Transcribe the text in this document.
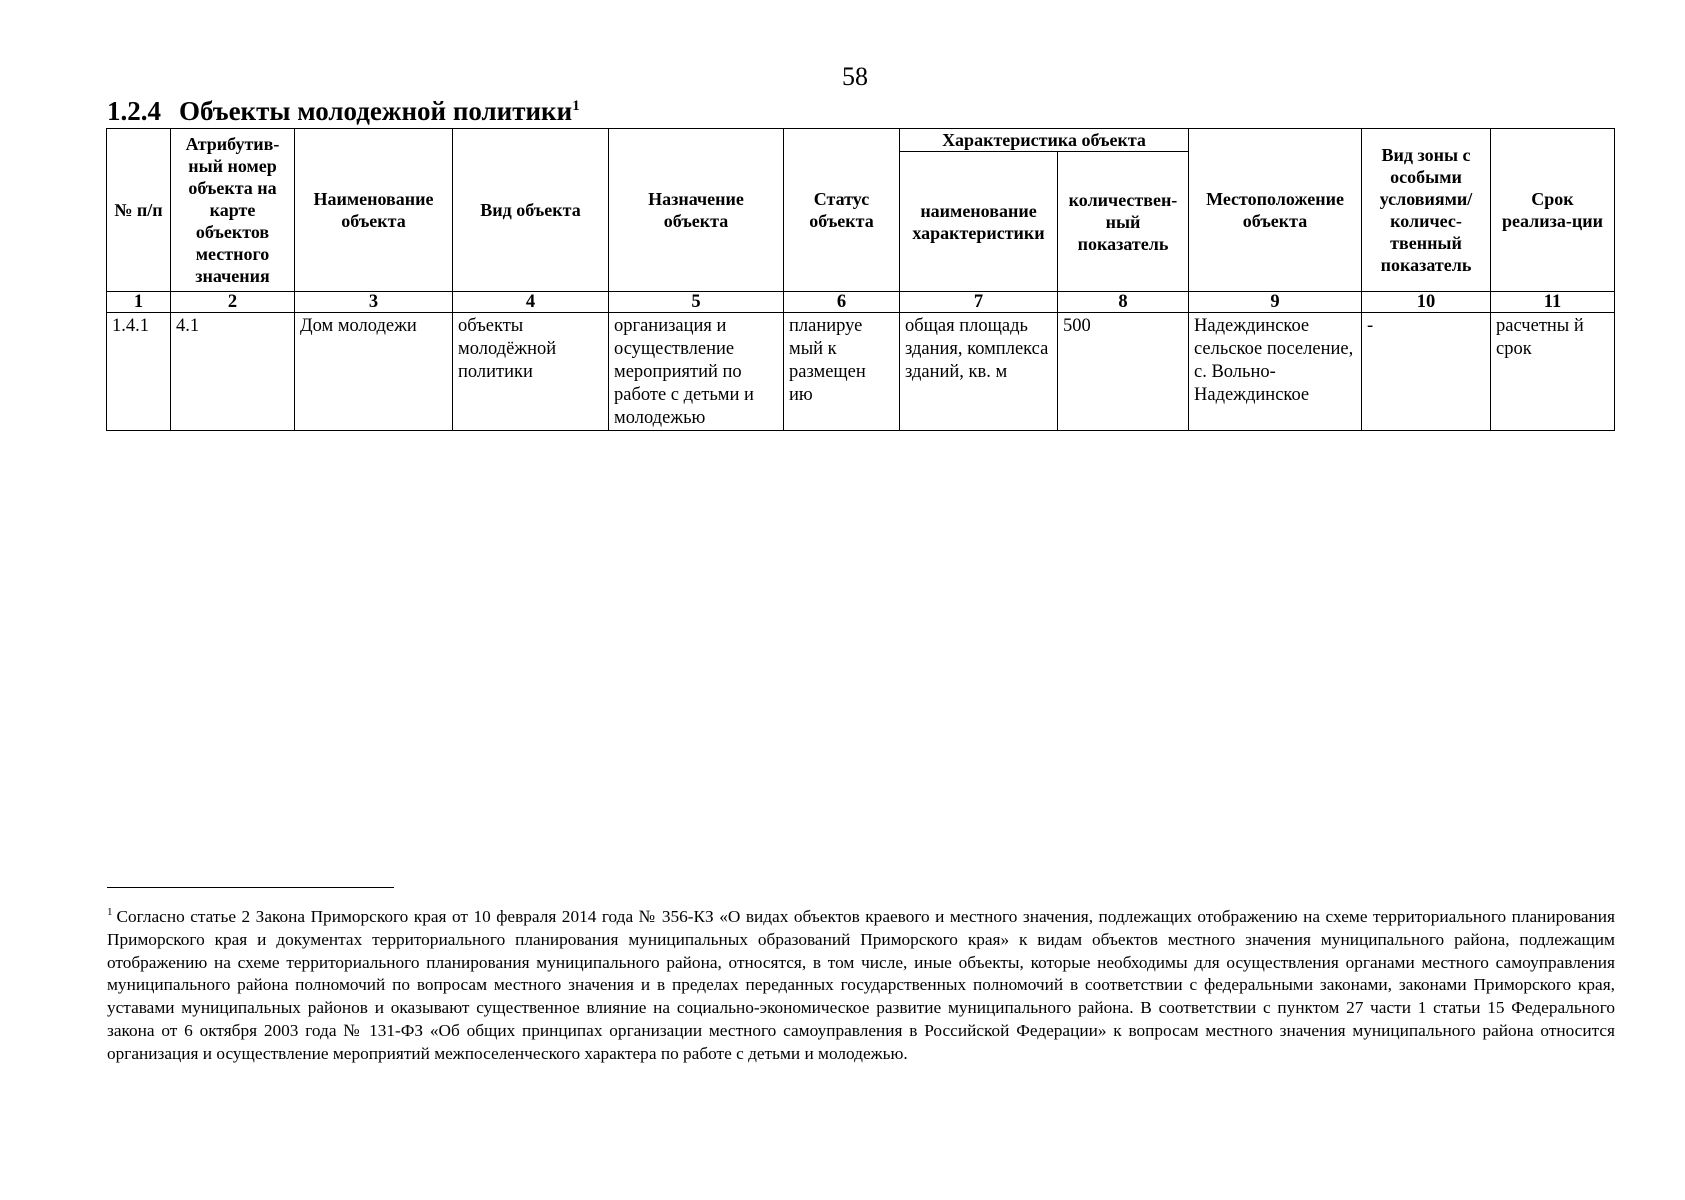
58
1.2.4 Объекты молодежной политики$^1$
№ п/п	Атрибутив-ный номер объекта на карте объектов местного значения	Наименование объекта	Вид объекта	Назначение объекта	Статус объекта	Характеристика объекта		Местоположение объекта	Вид зоны с особыми условиями/ количес-твенный показатель	Срок реализа-ции
						наименование характеристики	количествен-ный показатель			
1	2	3	4	5	6	7	8	9	10	11
1.4.1	4.1	Дом молодежи	объекты молодёжной политики	организация и осуществление мероприятий по работе с детьми и молодежью	планируе мый к размещен ию	общая площадь здания, комплекса зданий, кв. м	500	Надеждинское сельское поселение, с. Вольно-Надеждинское	-	расчетны й срок
$^1$ Согласно статье 2 Закона Приморского края от 10 февраля 2014 года № 356-КЗ «О видах объектов краевого и местного значения, подлежащих отображению на схеме территориального планирования Приморского края и документах территориального планирования муниципальных образований Приморского края» к видам объектов местного значения муниципального района, подлежащим отображению на схеме территориального планирования муниципального района, относятся, в том числе, иные объекты, которые необходимы для осуществления органами местного самоуправления муниципального района полномочий по вопросам местного значения и в пределах переданных государственных полномочий в соответствии с федеральными законами, законами Приморского края, уставами муниципальных районов и оказывают существенное влияние на социально-экономическое развитие муниципального района. В соответствии с пунктом 27 части 1 статьи 15 Федерального закона от 6 октября 2003 года № 131-ФЗ «Об общих принципах организации местного самоуправления в Российской Федерации» к вопросам местного значения муниципального района относится организация и осуществление мероприятий межпоселенческого характера по работе с детьми и молодежью.
